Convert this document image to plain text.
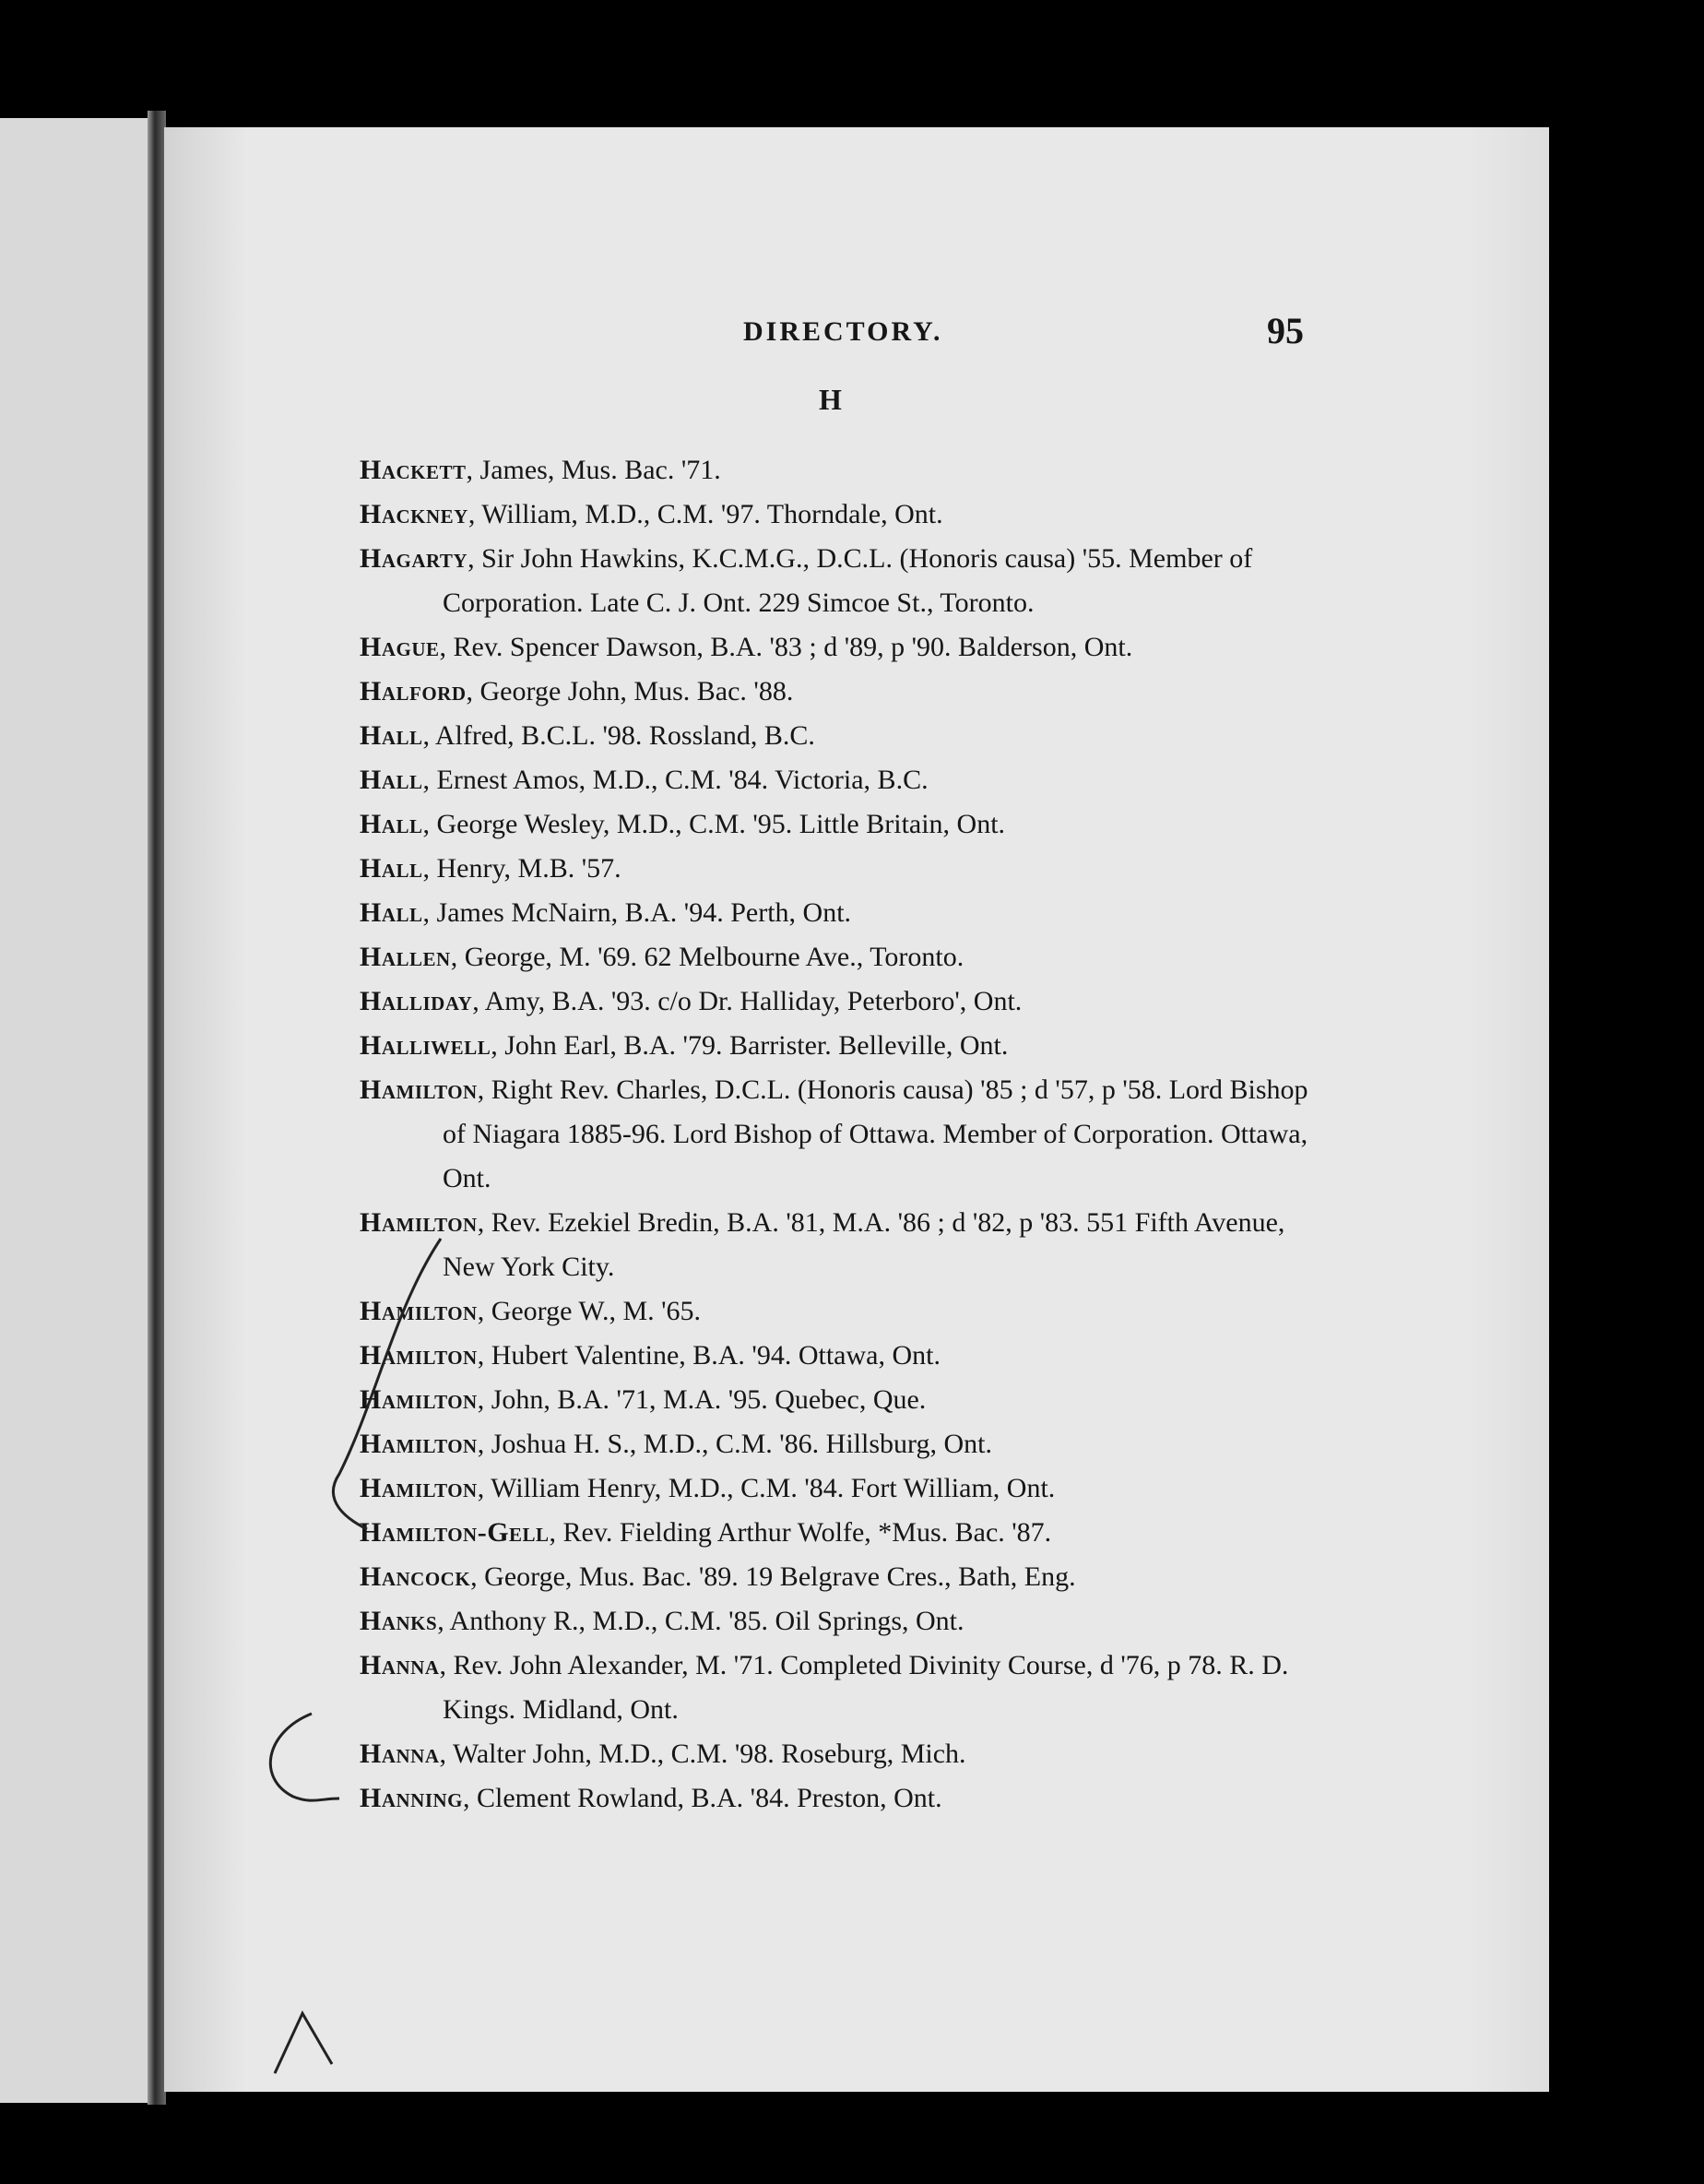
DIRECTORY.	95
H
Hackett, James, Mus. Bac. '71.
Hackney, William, M.D., C.M. '97. Thorndale, Ont.
Hagarty, Sir John Hawkins, K.C.M.G., D.C.L. (Honoris causa) '55. Member of Corporation. Late C. J. Ont. 229 Simcoe St., Toronto.
Hague, Rev. Spencer Dawson, B.A. '83 ; d '89, p '90. Balderson, Ont.
Halford, George John, Mus. Bac. '88.
Hall, Alfred, B.C.L. '98. Rossland, B.C.
Hall, Ernest Amos, M.D., C.M. '84. Victoria, B.C.
Hall, George Wesley, M.D., C.M. '95. Little Britain, Ont.
Hall, Henry, M.B. '57.
Hall, James McNairn, B.A. '94. Perth, Ont.
Hallen, George, M. '69. 62 Melbourne Ave., Toronto.
Halliday, Amy, B.A. '93. c/o Dr. Halliday, Peterboro', Ont.
Halliwell, John Earl, B.A. '79. Barrister. Belleville, Ont.
Hamilton, Right Rev. Charles, D.C.L. (Honoris causa) '85 ; d '57, p '58. Lord Bishop of Niagara 1885-96. Lord Bishop of Ottawa. Member of Corporation. Ottawa, Ont.
Hamilton, Rev. Ezekiel Bredin, B.A. '81, M.A. '86 ; d '82, p '83. 551 Fifth Avenue, New York City.
Hamilton, George W., M. '65.
Hamilton, Hubert Valentine, B.A. '94. Ottawa, Ont.
Hamilton, John, B.A. '71, M.A. '95. Quebec, Que.
Hamilton, Joshua H. S., M.D., C.M. '86. Hillsburg, Ont.
Hamilton, William Henry, M.D., C.M. '84. Fort William, Ont.
Hamilton-Gell, Rev. Fielding Arthur Wolfe, *Mus. Bac. '87.
Hancock, George, Mus. Bac. '89. 19 Belgrave Cres., Bath, Eng.
Hanks, Anthony R., M.D., C.M. '85. Oil Springs, Ont.
Hanna, Rev. John Alexander, M. '71. Completed Divinity Course, d '76, p 78. R. D. Kings. Midland, Ont.
Hanna, Walter John, M.D., C.M. '98. Roseburg, Mich.
Hanning, Clement Rowland, B.A. '84. Preston, Ont.
